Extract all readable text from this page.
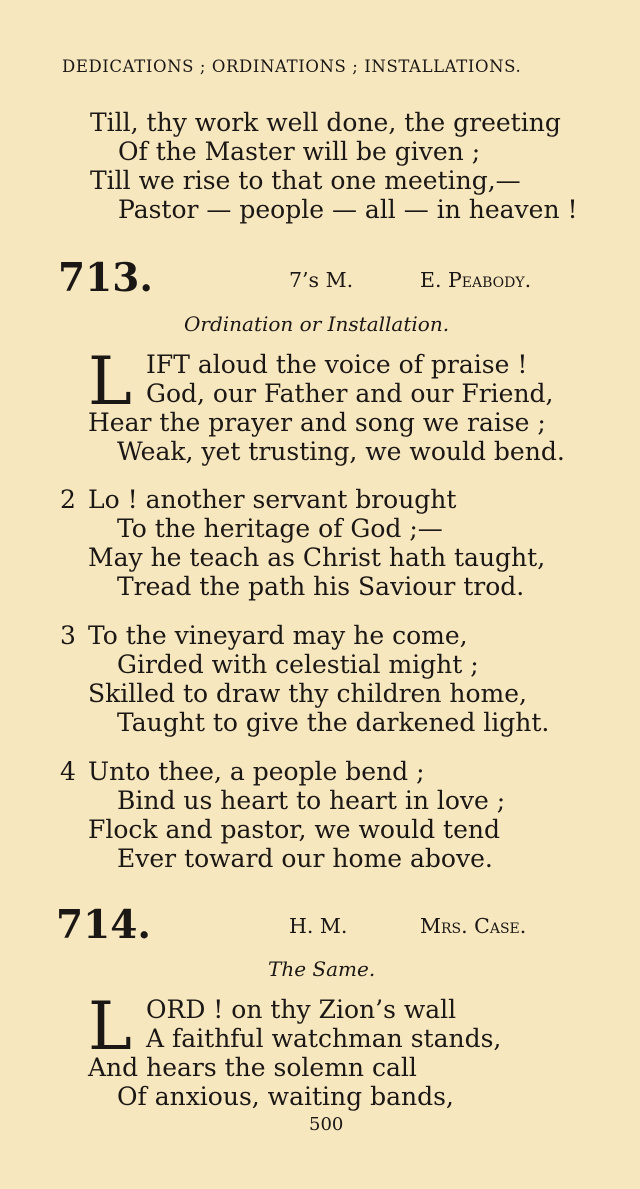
DEDICATIONS ; ORDINATIONS ; INSTALLATIONS.
Till, thy work well done, the greeting
Of the Master will be given ;
Till we rise to that one meeting,—
Pastor — people — all — in heaven !
713.	7’s M.	E. Peabody.
Ordination or Installation.
L IFT aloud the voice of praise !
God, our Father and our Friend,
Hear the prayer and song we raise ;
Weak, yet trusting, we would bend.
2 Lo ! another servant brought
To the heritage of God ;—
May he teach as Christ hath taught,
Tread the path his Saviour trod.
3 To the vineyard may he come,
Girded with celestial might ;
Skilled to draw thy children home,
Taught to give the darkened light.
4 Unto thee, a people bend ;
Bind us heart to heart in love ;
Flock and pastor, we would tend
Ever toward our home above.
714.	H. M.	Mrs. Case.
The Same.
L ORD ! on thy Zion’s wall
A faithful watchman stands,
And hears the solemn call
Of anxious, waiting bands,
500
